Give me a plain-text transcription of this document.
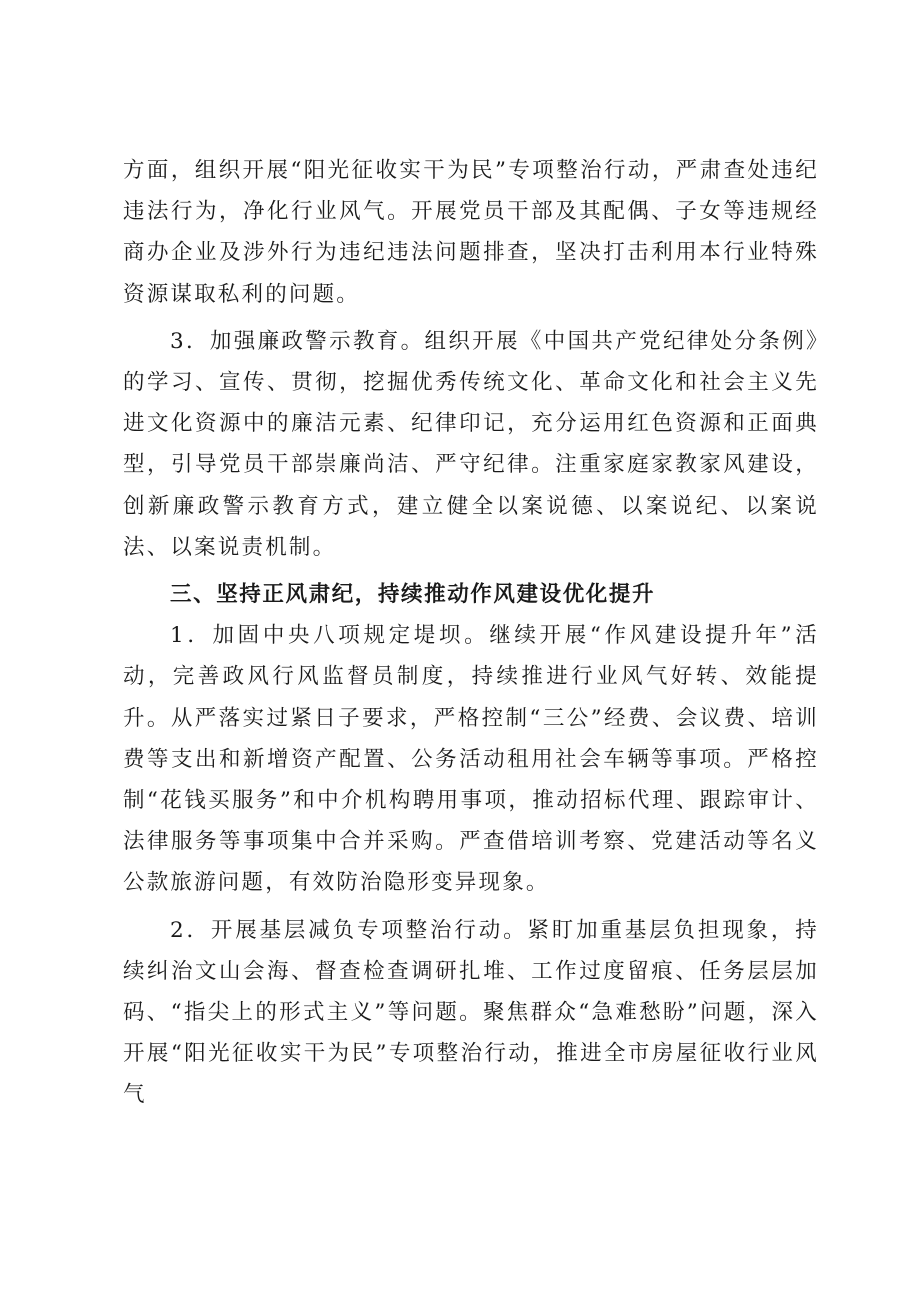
方面，组织开展“阳光征收实干为民”专项整治行动，严肃查处违纪违法行为，净化行业风气。开展党员干部及其配偶、子女等违规经商办企业及涉外行为违纪违法问题排查，坚决打击利用本行业特殊资源谋取私利的问题。

3．加强廉政警示教育。组织开展《中国共产党纪律处分条例》的学习、宣传、贯彻，挖掘优秀传统文化、革命文化和社会主义先进文化资源中的廉洁元素、纪律印记，充分运用红色资源和正面典型，引导党员干部崇廉尚洁、严守纪律。注重家庭家教家风建设，创新廉政警示教育方式，建立健全以案说德、以案说纪、以案说法、以案说责机制。

三、坚持正风肃纪，持续推动作风建设优化提升

1．加固中央八项规定堤坝。继续开展“作风建设提升年”活动，完善政风行风监督员制度，持续推进行业风气好转、效能提升。从严落实过紧日子要求，严格控制“三公”经费、会议费、培训费等支出和新增资产配置、公务活动租用社会车辆等事项。严格控制“花钱买服务”和中介机构聘用事项，推动招标代理、跟踪审计、法律服务等事项集中合并采购。严查借培训考察、党建活动等名义公款旅游问题，有效防治隐形变异现象。

2．开展基层减负专项整治行动。紧盯加重基层负担现象，持续纠治文山会海、督查检查调研扎堆、工作过度留痕、任务层层加码、“指尖上的形式主义”等问题。聚焦群众“急难愁盼”问题，深入开展“阳光征收实干为民”专项整治行动，推进全市房屋征收行业风气
